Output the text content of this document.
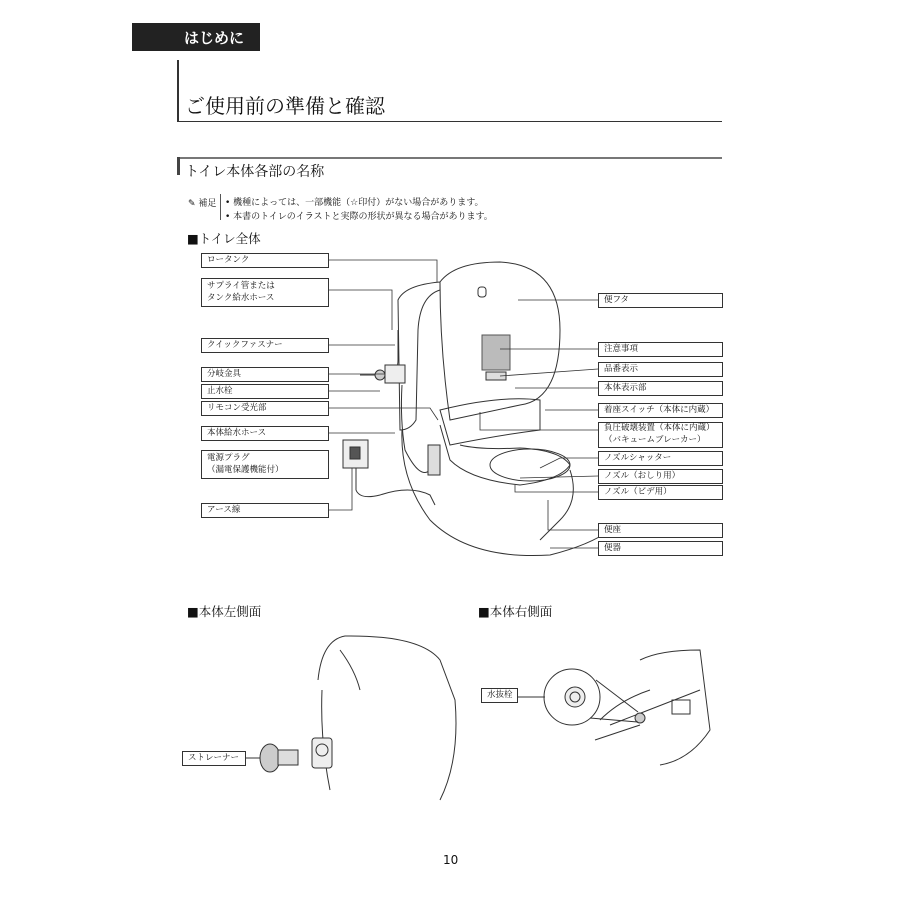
はじめに
ご使用前の準備と確認
トイレ本体各部の名称
✎ 補足 • 機種によっては、一部機能（☆印付）がない場合があります。
• 本書のトイレのイラストと実際の形状が異なる場合があります。
■トイレ全体
ロータンク
サプライ管または
タンク給水ホース
クイックファスナー
分岐金具
止水栓
リモコン受光部
本体給水ホース
電源プラグ
（漏電保護機能付）
アース線
便フタ
注意事項
品番表示
本体表示部
着座スイッチ（本体に内蔵）
負圧破壊装置（本体に内蔵）
（バキュームブレーカー）
ノズルシャッター
ノズル（おしり用）
ノズル（ビデ用）
便座
便器
■本体左側面	■本体右側面
ストレーナー
水抜栓
10
